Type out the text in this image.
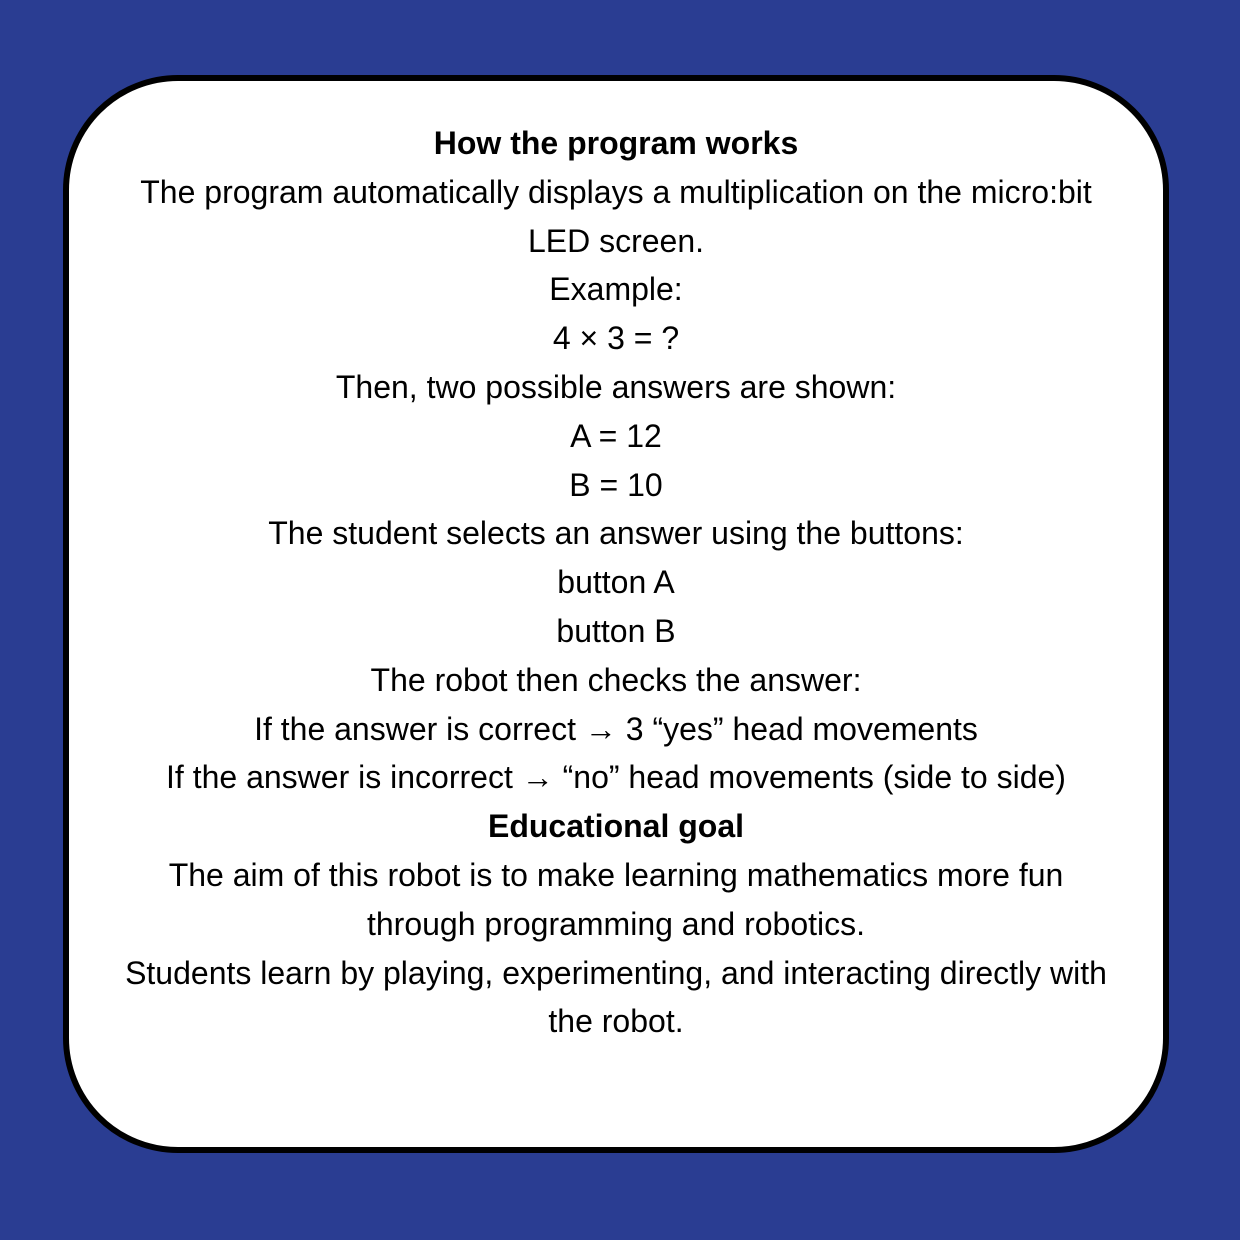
How the program works
The program automatically displays a multiplication on the micro:bit LED screen.
Example:
4 × 3 = ?
Then, two possible answers are shown:
A = 12
B = 10
The student selects an answer using the buttons:
button A
button B
The robot then checks the answer:
If the answer is correct → 3 “yes” head movements
If the answer is incorrect → “no” head movements (side to side)
Educational goal
The aim of this robot is to make learning mathematics more fun through programming and robotics.
Students learn by playing, experimenting, and interacting directly with the robot.
